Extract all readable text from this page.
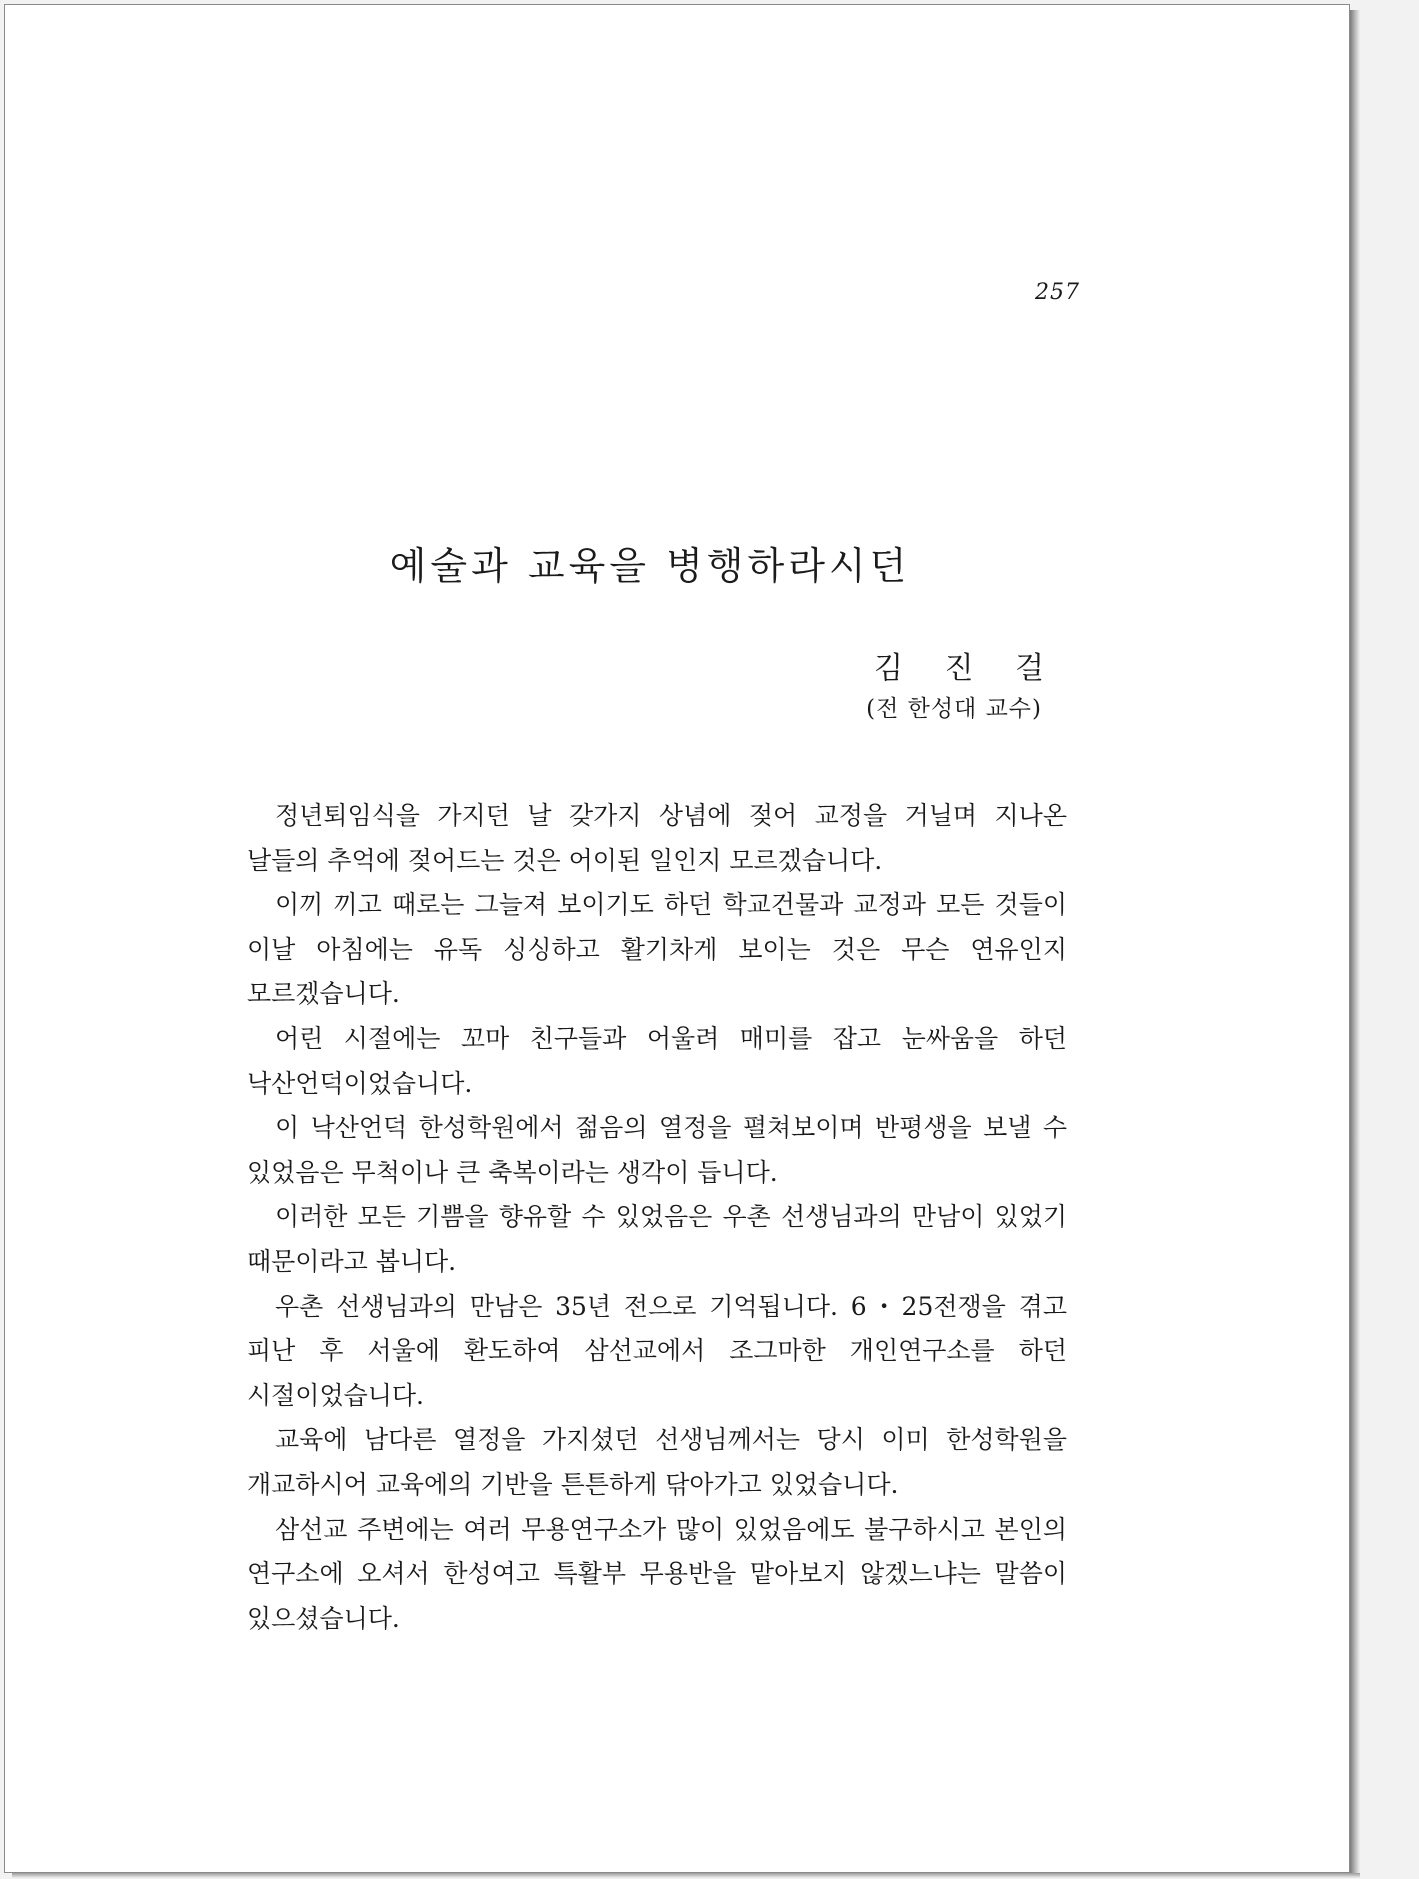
257
예술과 교육을 병행하라시던
김 진 걸
(전 한성대 교수)

정년퇴임식을 가지던 날 갖가지 상념에 젖어 교정을 거닐며 지나온 날들의 추억에 젖어드는 것은 어이된 일인지 모르겠습니다.

이끼 끼고 때로는 그늘져 보이기도 하던 학교건물과 교정과 모든 것들이 이날 아침에는 유독 싱싱하고 활기차게 보이는 것은 무슨 연유인지 모르겠습니다.

어린 시절에는 꼬마 친구들과 어울려 매미를 잡고 눈싸움을 하던 낙산언덕이었습니다.

이 낙산언덕 한성학원에서 젊음의 열정을 펼쳐보이며 반평생을 보낼 수 있었음은 무척이나 큰 축복이라는 생각이 듭니다.

이러한 모든 기쁨을 향유할 수 있었음은 우촌 선생님과의 만남이 있었기 때문이라고 봅니다.

우촌 선생님과의 만남은 35년 전으로 기억됩니다. 6・25전쟁을 겪고 피난 후 서울에 환도하여 삼선교에서 조그마한 개인연구소를 하던 시절이었습니다.

교육에 남다른 열정을 가지셨던 선생님께서는 당시 이미 한성학원을 개교하시어 교육에의 기반을 튼튼하게 닦아가고 있었습니다.

삼선교 주변에는 여러 무용연구소가 많이 있었음에도 불구하시고 본인의 연구소에 오셔서 한성여고 특활부 무용반을 맡아보지 않겠느냐는 말씀이 있으셨습니다.
